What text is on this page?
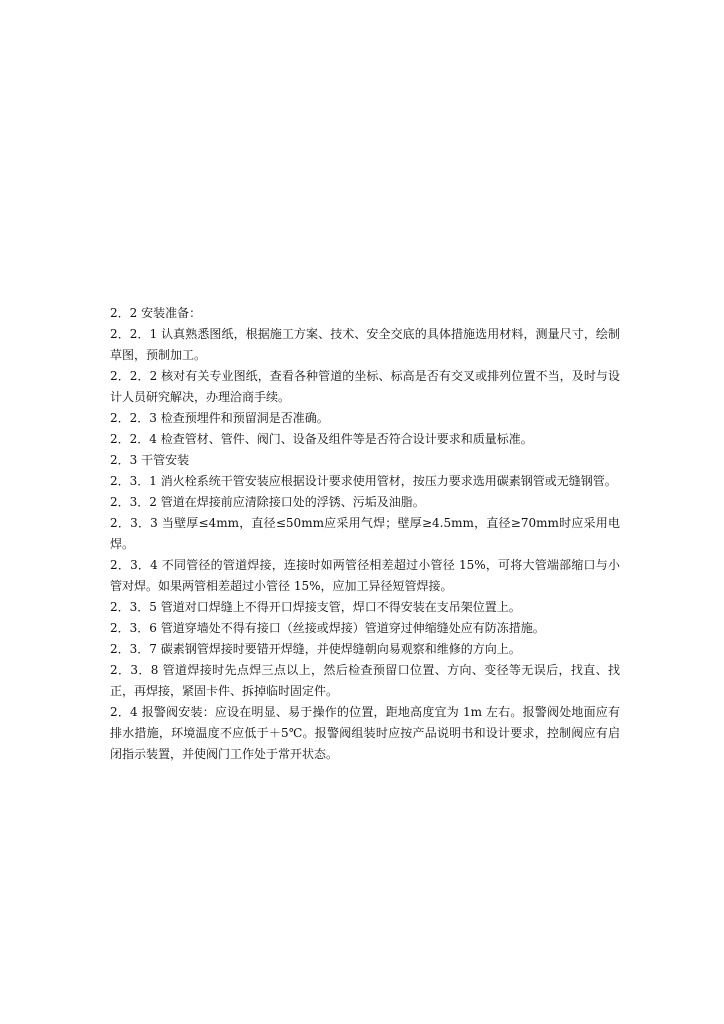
2．2 安装准备：

2．2．1 认真熟悉图纸，根据施工方案、技术、安全交底的具体措施选用材料，测量尺寸，绘制草图，预制加工。

2．2．2 核对有关专业图纸，查看各种管道的坐标、标高是否有交叉或排列位置不当，及时与设计人员研究解决，办理洽商手续。

2．2．3 检查预埋件和预留洞是否准确。

2．2．4 检查管材、管件、阀门、设备及组件等是否符合设计要求和质量标准。

2．3 干管安装

2．3．1 消火栓系统干管安装应根据设计要求使用管材，按压力要求选用碳素钢管或无缝钢管。

2．3．2 管道在焊接前应清除接口处的浮锈、污垢及油脂。

2．3．3 当壁厚≤4mm，直径≤50mm应采用气焊；壁厚≥4.5mm，直径≥70mm时应采用电焊。

2．3．4 不同管径的管道焊接，连接时如两管径相差超过小管径 15%，可将大管端部缩口与小管对焊。如果两管相差超过小管径 15%，应加工异径短管焊接。

2．3．5 管道对口焊缝上不得开口焊接支管，焊口不得安装在支吊架位置上。

2．3．6 管道穿墙处不得有接口（丝接或焊接）管道穿过伸缩缝处应有防冻措施。

2．3．7 碳素钢管焊接时要错开焊缝，并使焊缝朝向易观察和维修的方向上。

2．3．8 管道焊接时先点焊三点以上，然后检查预留口位置、方向、变径等无误后，找直、找正，再焊接，紧固卡件、拆掉临时固定件。

2．4 报警阀安装：应设在明显、易于操作的位置，距地高度宜为 1m 左右。报警阀处地面应有排水措施，环境温度不应低于＋5℃。报警阀组装时应按产品说明书和设计要求，控制阀应有启闭指示装置，并使阀门工作处于常开状态。
